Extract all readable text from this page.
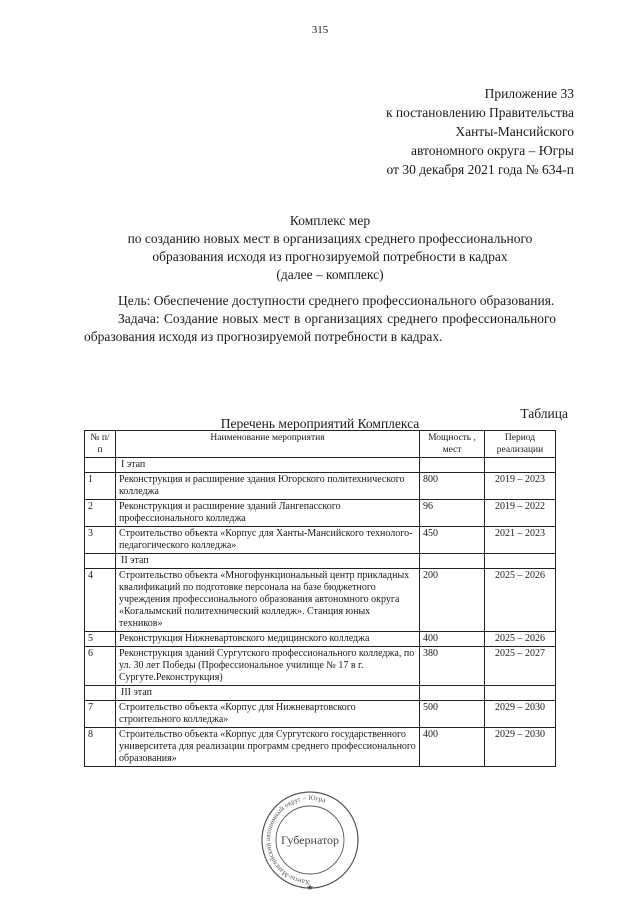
315
Приложение 33
к постановлению Правительства
Ханты-Мансийского
автономного округа – Югры
от 30 декабря 2021 года № 634-п
Комплекс мер
по созданию новых мест в организациях среднего профессионального
образования исходя из прогнозируемой потребности в кадрах
(далее – комплекс)

Цель: Обеспечение доступности среднего профессионального образования.

Задача: Создание новых мест в организациях среднего профессионального образования исходя из прогнозируемой потребности в кадрах.

Таблица
Перечень мероприятий Комплекса
№ п/п	Наименование мероприятия	Мощность , мест	Период реализации
	I этап		
1	Реконструкция и расширение здания Югорского политехнического колледжа	800	2019 – 2023
2	Реконструкция и расширение зданий Лангепасского профессионального колледжа	96	2019 – 2022
3	Строительство объекта «Корпус для Ханты-Мансийского технолого-педагогического колледжа»	450	2021 – 2023
	II этап		
4	Строительство объекта «Многофункциональный центр прикладных квалификаций по подготовке персонала на базе бюджетного учреждения профессионального образования автономного округа «Когалымский политехнический колледж». Станция юных техников»	200	2025 – 2026
5	Реконструкция Нижневартовского медицинского колледжа	400	2025 – 2026
6	Реконструкция зданий Сургутского профессионального колледжа, по ул. 30 лет Победы (Профессиональное училище № 17 в г. Сургуте.Реконструкция)	380	2025 – 2027
	III этап		
7	Строительство объекта «Корпус для Нижневартовского строительного колледжа»	500	2029 – 2030
8	Строительство объекта «Корпус для Сургутского государственного университета для реализации программ среднего профессионального образования»	400	2029 – 2030
Ханты-Мансийский автономный округ – Югра
Губернатор
★
